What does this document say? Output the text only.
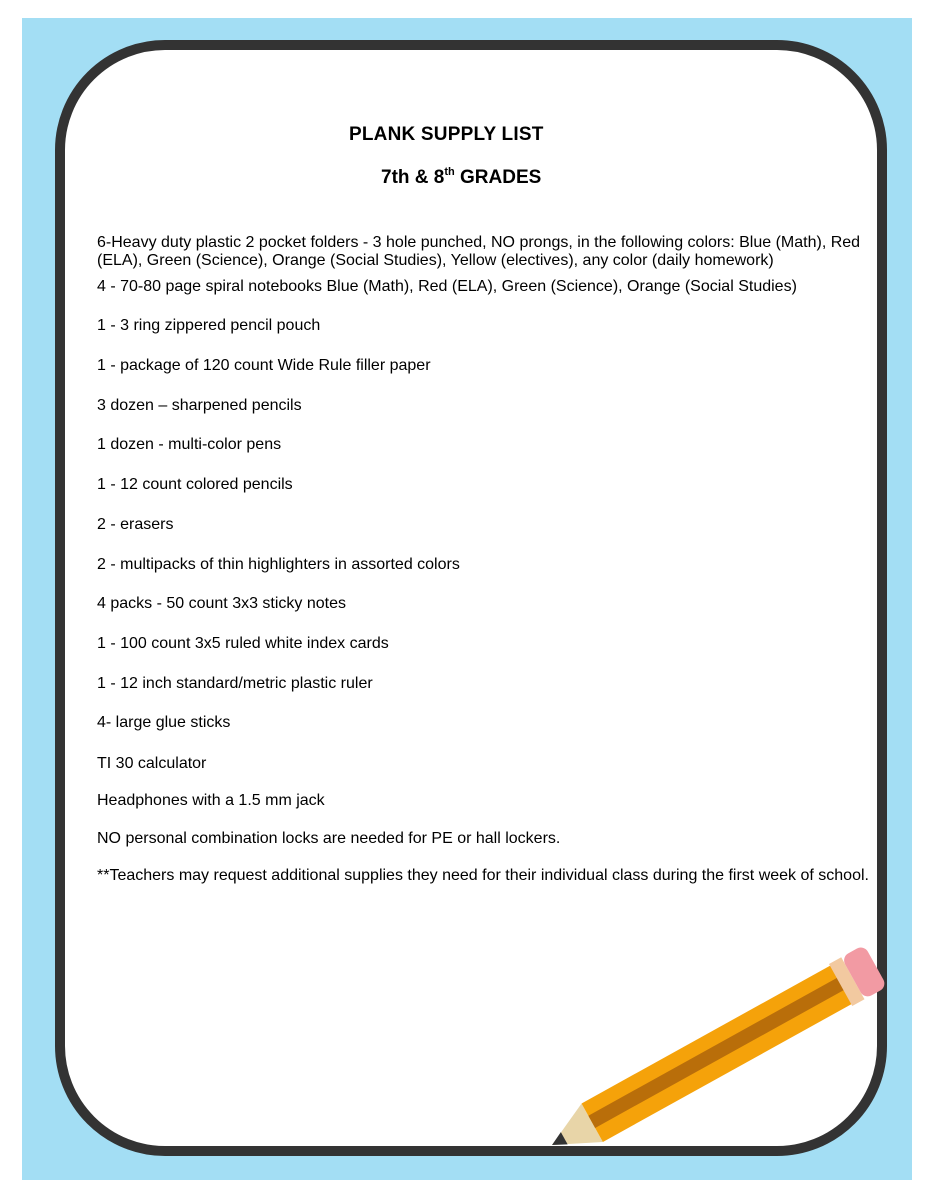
PLANK SUPPLY LIST
7th & 8th GRADES
6-Heavy duty plastic 2 pocket folders - 3 hole punched, NO prongs, in the following colors: Blue (Math), Red (ELA), Green (Science), Orange (Social Studies), Yellow (electives), any color (daily homework)
4 - 70-80 page spiral notebooks Blue (Math), Red (ELA), Green (Science), Orange (Social Studies)
1 - 3 ring zippered pencil pouch
1 - package of 120 count Wide Rule filler paper
3 dozen – sharpened pencils
1 dozen - multi-color pens
1 - 12 count colored pencils
2 - erasers
2 - multipacks of thin highlighters in assorted colors
4 packs - 50 count 3x3 sticky notes
1 - 100 count 3x5 ruled white index cards
1 - 12 inch standard/metric plastic ruler
4- large glue sticks
TI 30 calculator
Headphones with a 1.5 mm jack
NO personal combination locks are needed for PE or hall lockers.
**Teachers may request additional supplies they need for their individual class during the first week of school.
